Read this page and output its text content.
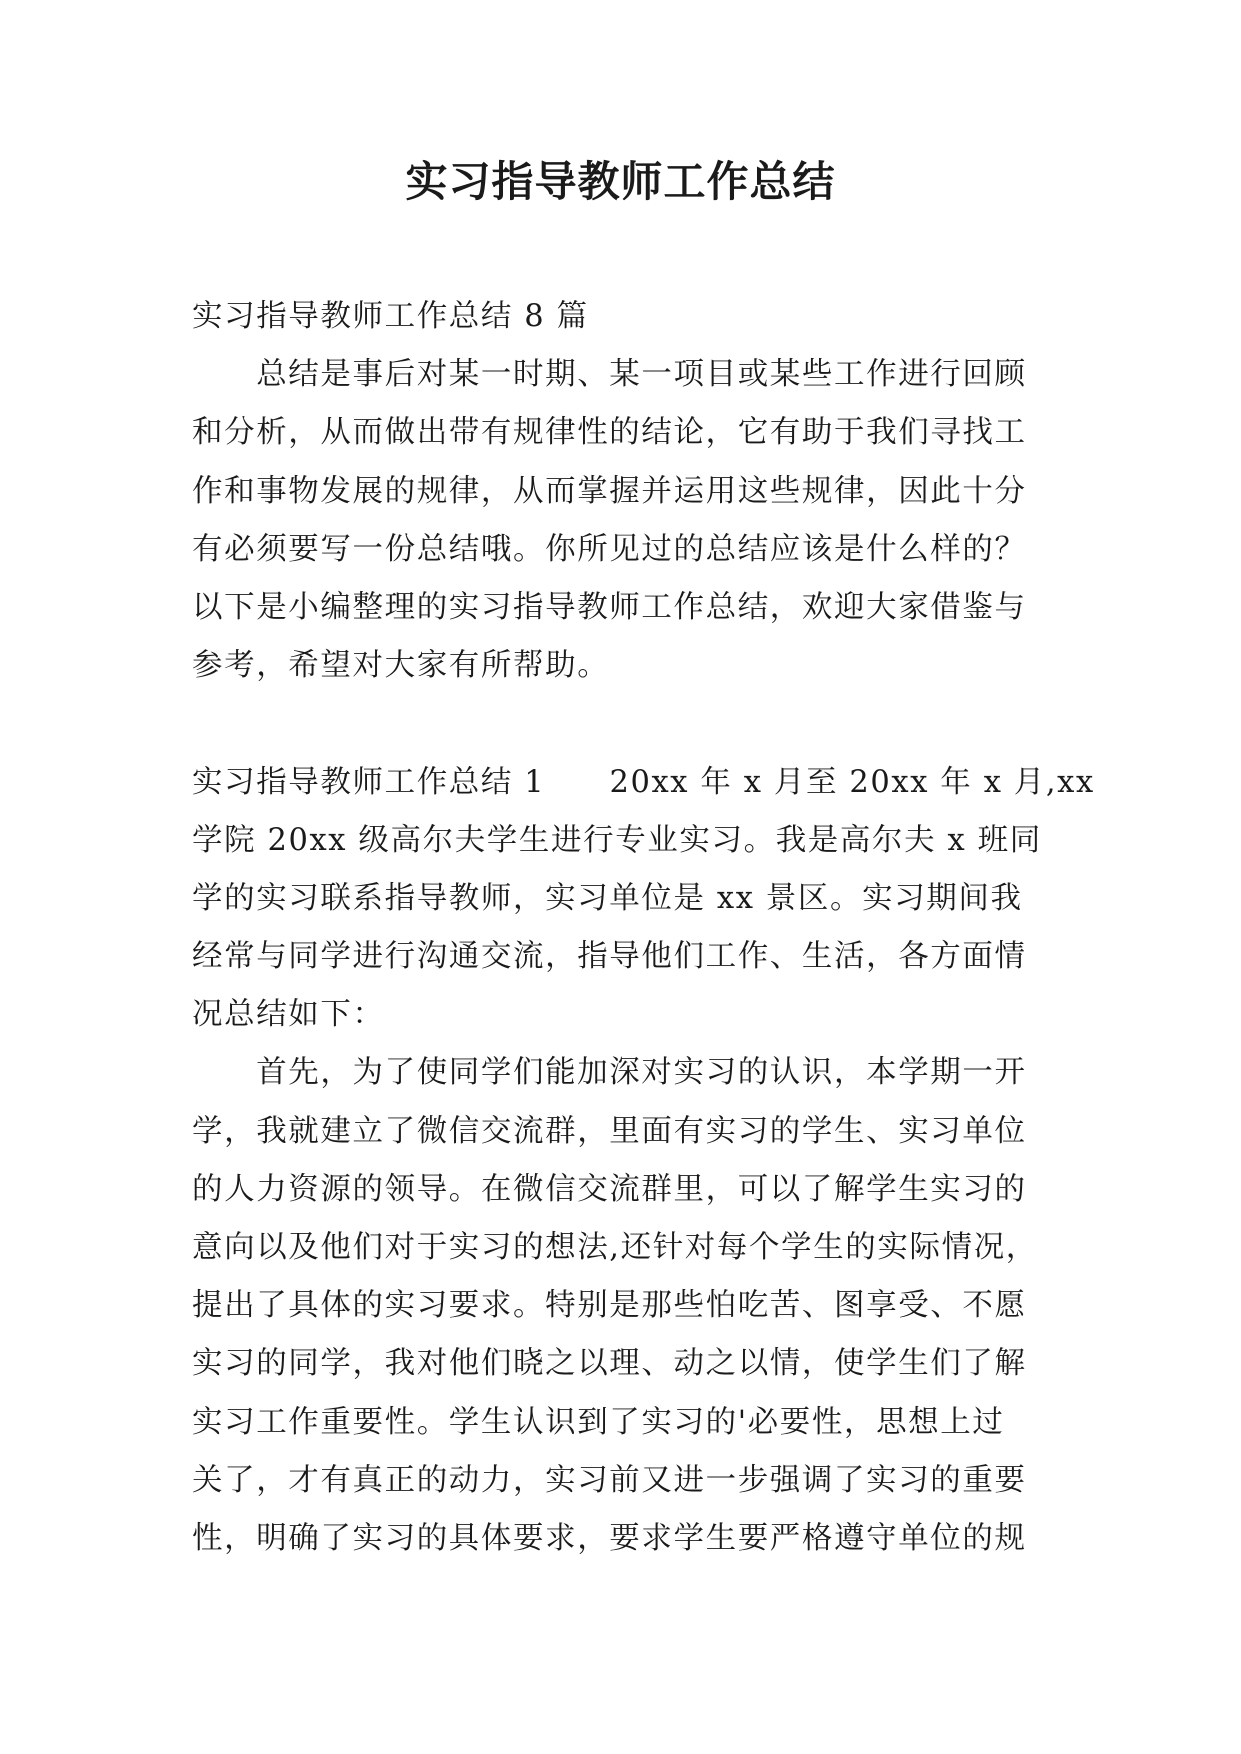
实习指导教师工作总结
实习指导教师工作总结 8 篇
　　总结是事后对某一时期、某一项目或某些工作进行回顾
和分析，从而做出带有规律性的结论，它有助于我们寻找工
作和事物发展的规律，从而掌握并运用这些规律，因此十分
有必须要写一份总结哦。你所见过的总结应该是什么样的？
以下是小编整理的实习指导教师工作总结，欢迎大家借鉴与
参考，希望对大家有所帮助。
实习指导教师工作总结 1　　20xx 年 x 月至 20xx 年 x 月,xx
学院 20xx 级高尔夫学生进行专业实习。我是高尔夫 x 班同
学的实习联系指导教师，实习单位是 xx 景区。实习期间我
经常与同学进行沟通交流，指导他们工作、生活，各方面情
况总结如下：
　　首先，为了使同学们能加深对实习的认识，本学期一开
学，我就建立了微信交流群，里面有实习的学生、实习单位
的人力资源的领导。在微信交流群里，可以了解学生实习的
意向以及他们对于实习的想法,还针对每个学生的实际情况，
提出了具体的实习要求。特别是那些怕吃苦、图享受、不愿
实习的同学，我对他们晓之以理、动之以情，使学生们了解
实习工作重要性。学生认识到了实习的'必要性，思想上过
关了，才有真正的动力，实习前又进一步强调了实习的重要
性，明确了实习的具体要求，要求学生要严格遵守单位的规
